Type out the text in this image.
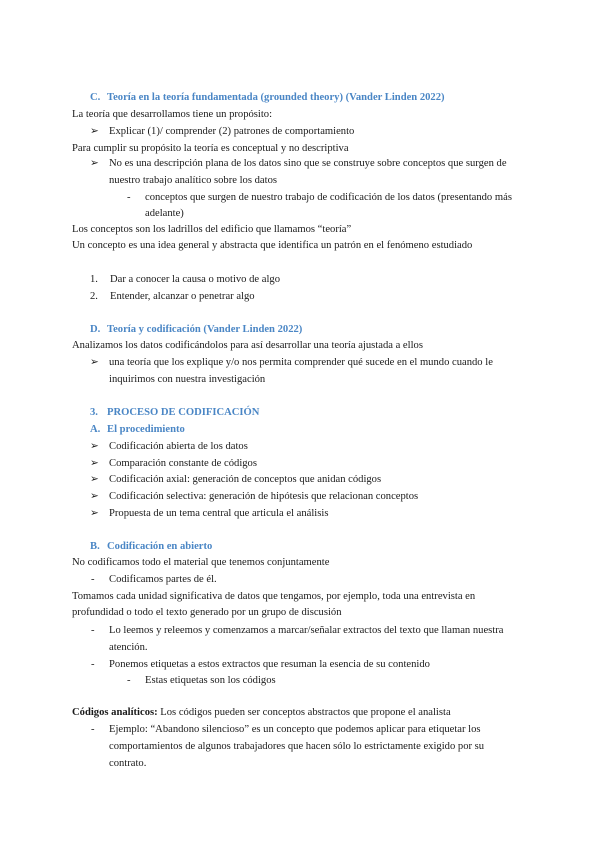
C. Teoría en la teoría fundamentada (grounded theory) (Vander Linden 2022)
La teoría que desarrollamos tiene un propósito:
➢ Explicar (1)/ comprender (2) patrones de comportamiento
Para cumplir su propósito la teoría es conceptual y no descriptiva
➢ No es una descripción plana de los datos sino que se construye sobre conceptos que surgen de
nuestro trabajo analítico sobre los datos
- conceptos que surgen de nuestro trabajo de codificación de los datos (presentando más
adelante)
Los conceptos son los ladrillos del edificio que llamamos “teoría”
Un concepto es una idea general y abstracta que identifica un patrón en el fenómeno estudiado
1. Dar a conocer la causa o motivo de algo
2. Entender, alcanzar o penetrar algo
D. Teoría y codificación (Vander Linden 2022)
Analizamos los datos codificándolos para así desarrollar una teoría ajustada a ellos
➢ una teoría que los explique y/o nos permita comprender qué sucede en el mundo cuando le
inquirimos con nuestra investigación
3. PROCESO DE CODIFICACIÓN
A. El procedimiento
➢ Codificación abierta de los datos
➢ Comparación constante de códigos
➢ Codificación axial: generación de conceptos que anidan códigos
➢ Codificación selectiva: generación de hipótesis que relacionan conceptos
➢ Propuesta de un tema central que articula el análisis
B. Codificación en abierto
No codificamos todo el material que tenemos conjuntamente
- Codificamos partes de él.
Tomamos cada unidad significativa de datos que tengamos, por ejemplo, toda una entrevista en
profundidad o todo el texto generado por un grupo de discusión
- Lo leemos y releemos y comenzamos a marcar/señalar extractos del texto que llaman nuestra
atención.
- Ponemos etiquetas a estos extractos que resuman la esencia de su contenido
- Estas etiquetas son los códigos
Códigos analíticos: Los códigos pueden ser conceptos abstractos que propone el analista
- Ejemplo: “Abandono silencioso” es un concepto que podemos aplicar para etiquetar los
comportamientos de algunos trabajadores que hacen sólo lo estrictamente exigido por su
contrato.
